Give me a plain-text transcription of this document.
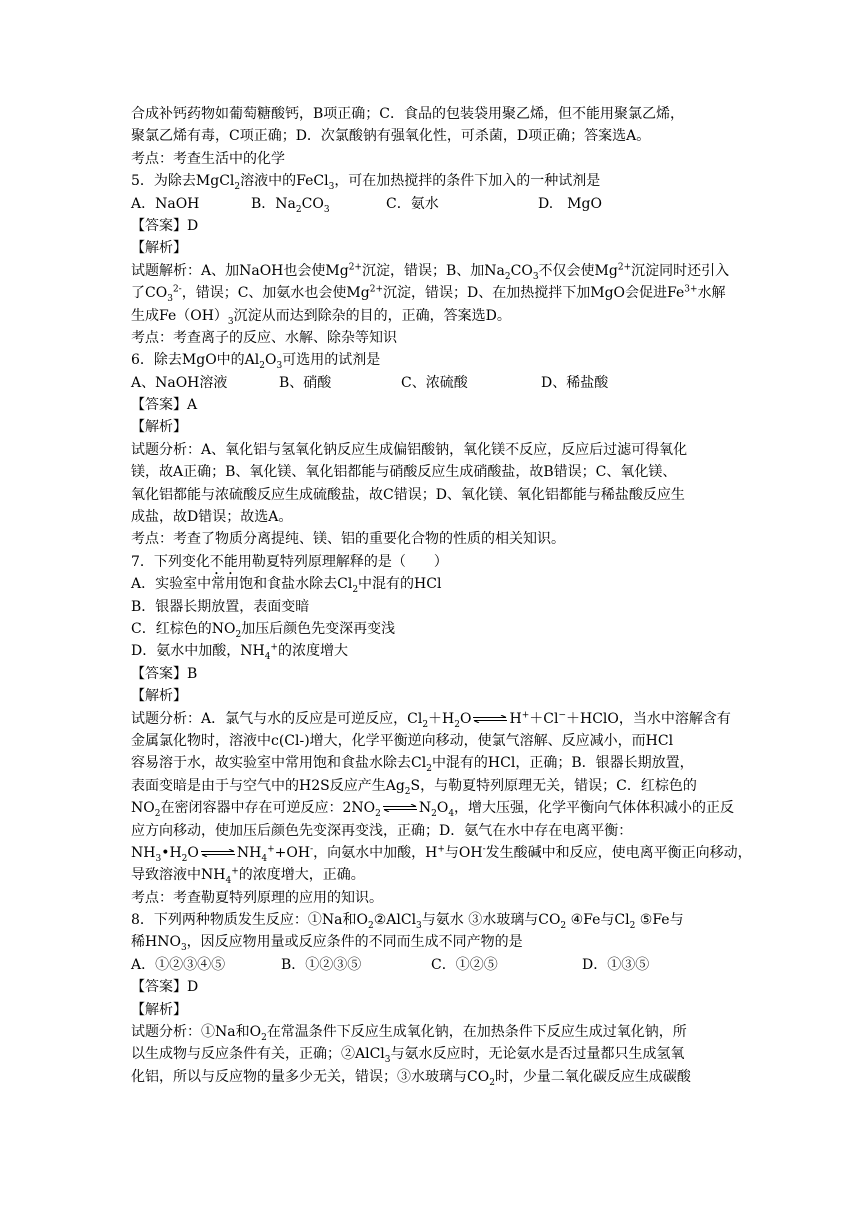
合成补钙药物如葡萄糖酸钙，B项正确；C．食品的包装袋用聚乙烯，但不能用聚氯乙烯，
聚氯乙烯有毒，C项正确；D．次氯酸钠有强氧化性，可杀菌，D项正确；答案选A。
考点：考查生活中的化学
5．为除去MgCl$_2$溶液中的FeCl$_3$，可在加热搅拌的条件下加入的一种试剂是
A．NaOH	B．$Na_2CO_3$	C．氨水	D.　MgO
【答案】D
【解析】
试题解析：A、加NaOH也会使$Mg^{2+}$沉淀，错误；B、加$Na_2CO_3$不仅会使$Mg^{2+}$沉淀同时还引入
了$CO_3^{2-}$，错误；C、加氨水也会使$Mg^{2+}$沉淀，错误；D、在加热搅拌下加MgO会促进$Fe^{3+}$水解
生成$Fe(OH)_3$沉淀从而达到除杂的目的，正确，答案选D。
考点：考查离子的反应、水解、除杂等知识
6．除去MgO中的$Al_2O_3$可选用的试剂是
A、NaOH溶液	B、硝酸	C、浓硫酸	D、稀盐酸
【答案】A
【解析】
试题分析：A、氧化铝与氢氧化钠反应生成偏铝酸钠，氧化镁不反应，反应后过滤可得氧化
镁，故A正确；B、氧化镁、氧化铝都能与硝酸反应生成硝酸盐，故B错误；C、氧化镁、
氧化铝都能与浓硫酸反应生成硫酸盐，故C错误；D、氧化镁、氧化铝都能与稀盐酸反应生
成盐，故D错误；故选A。
考点：考查了物质分离提纯、镁、铝的重要化合物的性质的相关知识。
7．下列变化不能用勒夏特列原理解释的是（　　）
A．实验室中常用饱和食盐水除去$Cl_2$中混有的HCl
B．银器长期放置，表面变暗
C．红棕色的$NO_2$加压后颜色先变深再变浅
D．氨水中加酸，$NH_4^+$的浓度增大
【答案】B
【解析】
试题分析：A．氯气与水的反应是可逆反应，$Cl_2+H_2O\rightleftharpoons H^++Cl^-+HClO$，当水中溶解含有
金属氯化物时，溶液中c(Cl-)增大，化学平衡逆向移动，使氯气溶解、反应减小，而HCl
容易溶于水，故实验室中常用饱和食盐水除去$Cl_2$中混有的HCl，正确；B．银器长期放置，
表面变暗是由于与空气中的H2S反应产生$Ag_2S$，与勒夏特列原理无关，错误；C．红棕色的
$NO_2$在密闭容器中存在可逆反应：$2NO_2$ $\rightleftharpoons N_2O_4$，增大压强，化学平衡向气体体积减小的正反
应方向移动，使加压后颜色先变深再变浅，正确；D．氨气在水中存在电离平衡：
$NH_3•H_2O\rightleftharpoons NH_4^++OH^-$，向氨水中加酸，H+与OH-发生酸碱中和反应，使电离平衡正向移动，
导致溶液中$NH_4^+$的浓度增大，正确。
考点：考查勒夏特列原理的应用的知识。
8．下列两种物质发生反应：①Na和$O_2②AlCl_3$与氨水 ③水玻璃与$CO_2$ ④Fe与$Cl_2$ ⑤Fe与
稀$HNO_3$，因反应物用量或反应条件的不同而生成不同产物的是
A．①②③④⑤	B．①②③⑤	C．①②⑤	D．①③⑤
【答案】D
【解析】
试题分析：①Na和$O_2$在常温条件下反应生成氧化钠，在加热条件下反应生成过氧化钠，所
以生成物与反应条件有关，正确；②AlCl$_3$与氨水反应时，无论氨水是否过量都只生成氢氧
化铝，所以与反应物的量多少无关，错误；③水玻璃与$CO_2$时，少量二氧化碳反应生成碳酸
